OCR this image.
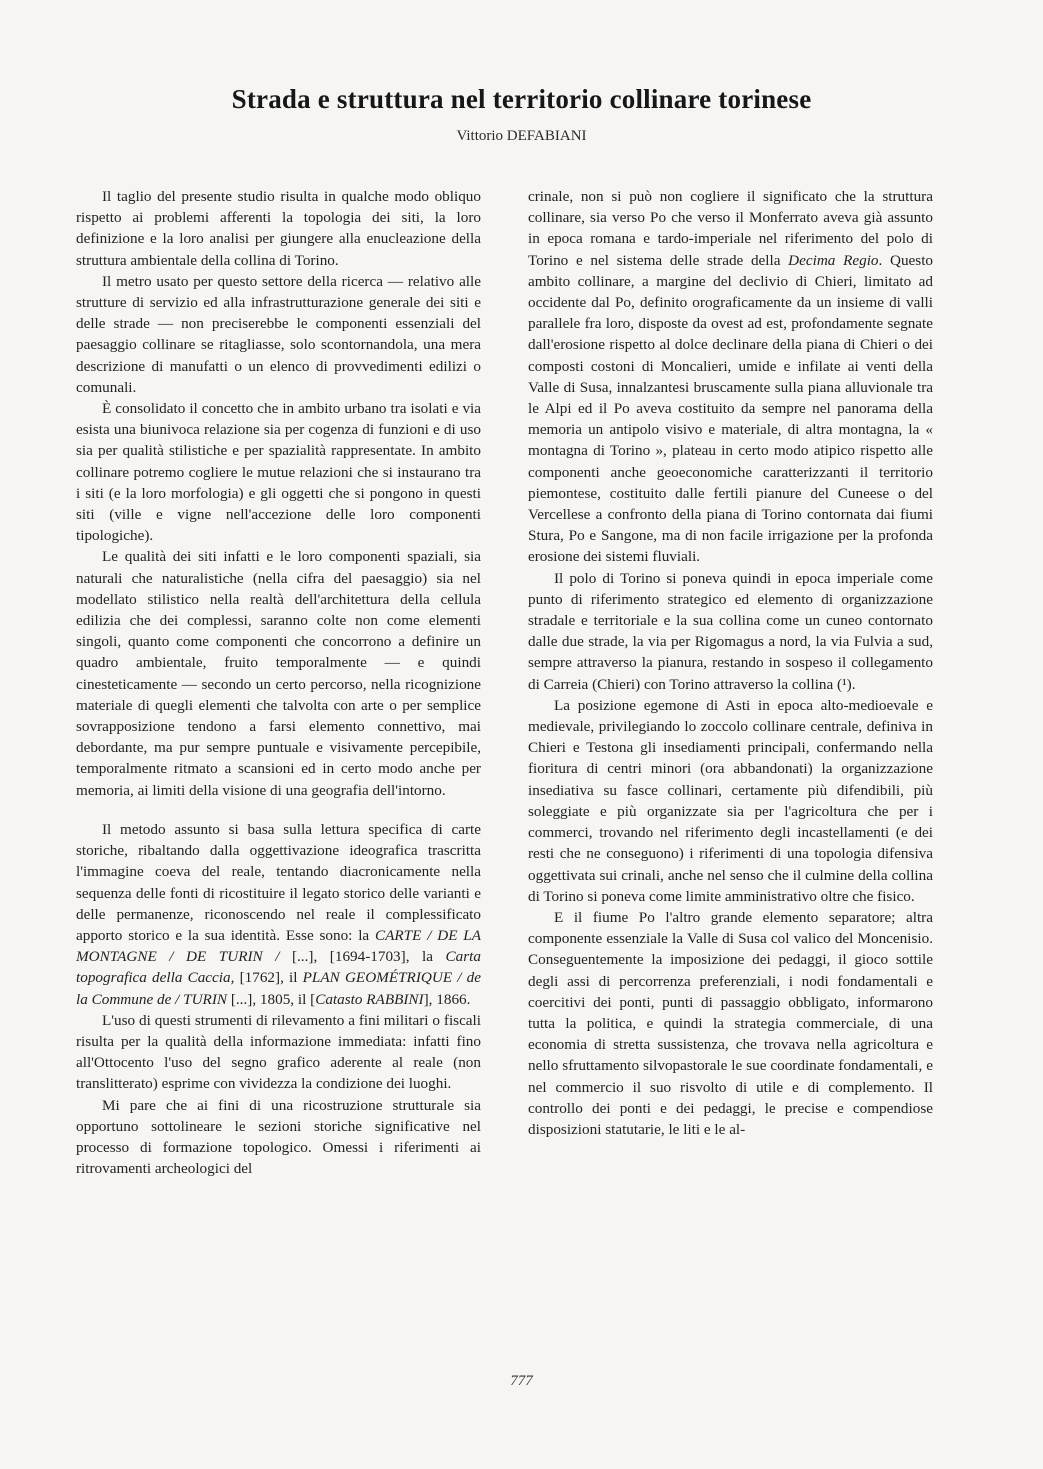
Strada e struttura nel territorio collinare torinese
Vittorio DEFABIANI

Il taglio del presente studio risulta in qualche modo obliquo rispetto ai problemi afferenti la topologia dei siti, la loro definizione e la loro analisi per giungere alla enucleazione della struttura ambientale della collina di Torino.

Il metro usato per questo settore della ricerca — relativo alle strutture di servizio ed alla infrastrutturazione generale dei siti e delle strade — non preciserebbe le componenti essenziali del paesaggio collinare se ritagliasse, solo scontornandola, una mera descrizione di manufatti o un elenco di provvedimenti edilizi o comunali.

È consolidato il concetto che in ambito urbano tra isolati e via esista una biunivoca relazione sia per cogenza di funzioni e di uso sia per qualità stilistiche e per spazialità rappresentate. In ambito collinare potremo cogliere le mutue relazioni che si instaurano tra i siti (e la loro morfologia) e gli oggetti che si pongono in questi siti (ville e vigne nell'accezione delle loro componenti tipologiche).

Le qualità dei siti infatti e le loro componenti spaziali, sia naturali che naturalistiche (nella cifra del paesaggio) sia nel modellato stilistico nella realtà dell'architettura della cellula edilizia che dei complessi, saranno colte non come elementi singoli, quanto come componenti che concorrono a definire un quadro ambientale, fruito temporalmente — e quindi cinesteticamente — secondo un certo percorso, nella ricognizione materiale di quegli elementi che talvolta con arte o per semplice sovrapposizione tendono a farsi elemento connettivo, mai debordante, ma pur sempre puntuale e visivamente percepibile, temporalmente ritmato a scansioni ed in certo modo anche per memoria, ai limiti della visione di una geografia dell'intorno.

Il metodo assunto si basa sulla lettura specifica di carte storiche, ribaltando dalla oggettivazione ideografica trascritta l'immagine coeva del reale, tentando diacronicamente nella sequenza delle fonti di ricostituire il legato storico delle varianti e delle permanenze, riconoscendo nel reale il complessificato apporto storico e la sua identità. Esse sono: la CARTE / DE LA MONTAGNE / DE TURIN / [...], [1694-1703], la Carta topografica della Caccia, [1762], il PLAN GEOMÉTRIQUE / de la Commune de / TURIN [...], 1805, il [Catasto RABBINI], 1866.

L'uso di questi strumenti di rilevamento a fini militari o fiscali risulta per la qualità della informazione immediata: infatti fino all'Ottocento l'uso del segno grafico aderente al reale (non translitterato) esprime con vividezza la condizione dei luoghi.

Mi pare che ai fini di una ricostruzione strutturale sia opportuno sottolineare le sezioni storiche significative nel processo di formazione topologico. Omessi i riferimenti ai ritrovamenti archeologici del

crinale, non si può non cogliere il significato che la struttura collinare, sia verso Po che verso il Monferrato aveva già assunto in epoca romana e tardo-imperiale nel riferimento del polo di Torino e nel sistema delle strade della Decima Regio. Questo ambito collinare, a margine del declivio di Chieri, limitato ad occidente dal Po, definito orograficamente da un insieme di valli parallele fra loro, disposte da ovest ad est, profondamente segnate dall'erosione rispetto al dolce declinare della piana di Chieri o dei composti costoni di Moncalieri, umide e infilate ai venti della Valle di Susa, innalzantesi bruscamente sulla piana alluvionale tra le Alpi ed il Po aveva costituito da sempre nel panorama della memoria un antipolo visivo e materiale, di altra montagna, la « montagna di Torino », plateau in certo modo atipico rispetto alle componenti anche geoeconomiche caratterizzanti il territorio piemontese, costituito dalle fertili pianure del Cuneese o del Vercellese a confronto della piana di Torino contornata dai fiumi Stura, Po e Sangone, ma di non facile irrigazione per la profonda erosione dei sistemi fluviali.

Il polo di Torino si poneva quindi in epoca imperiale come punto di riferimento strategico ed elemento di organizzazione stradale e territoriale e la sua collina come un cuneo contornato dalle due strade, la via per Rigomagus a nord, la via Fulvia a sud, sempre attraverso la pianura, restando in sospeso il collegamento di Carreia (Chieri) con Torino attraverso la collina (¹).

La posizione egemone di Asti in epoca alto-medioevale e medievale, privilegiando lo zoccolo collinare centrale, definiva in Chieri e Testona gli insediamenti principali, confermando nella fioritura di centri minori (ora abbandonati) la organizzazione insediativa su fasce collinari, certamente più difendibili, più soleggiate e più organizzate sia per l'agricoltura che per i commerci, trovando nel riferimento degli incastellamenti (e dei resti che ne conseguono) i riferimenti di una topologia difensiva oggettivata sui crinali, anche nel senso che il culmine della collina di Torino si poneva come limite amministrativo oltre che fisico.

E il fiume Po l'altro grande elemento separatore; altra componente essenziale la Valle di Susa col valico del Moncenisio. Conseguentemente la imposizione dei pedaggi, il gioco sottile degli assi di percorrenza preferenziali, i nodi fondamentali e coercitivi dei ponti, punti di passaggio obbligato, informarono tutta la politica, e quindi la strategia commerciale, di una economia di stretta sussistenza, che trovava nella agricoltura e nello sfruttamento silvopastorale le sue coordinate fondamentali, e nel commercio il suo risvolto di utile e di complemento. Il controllo dei ponti e dei pedaggi, le precise e compendiose disposizioni statutarie, le liti e le al-

777
